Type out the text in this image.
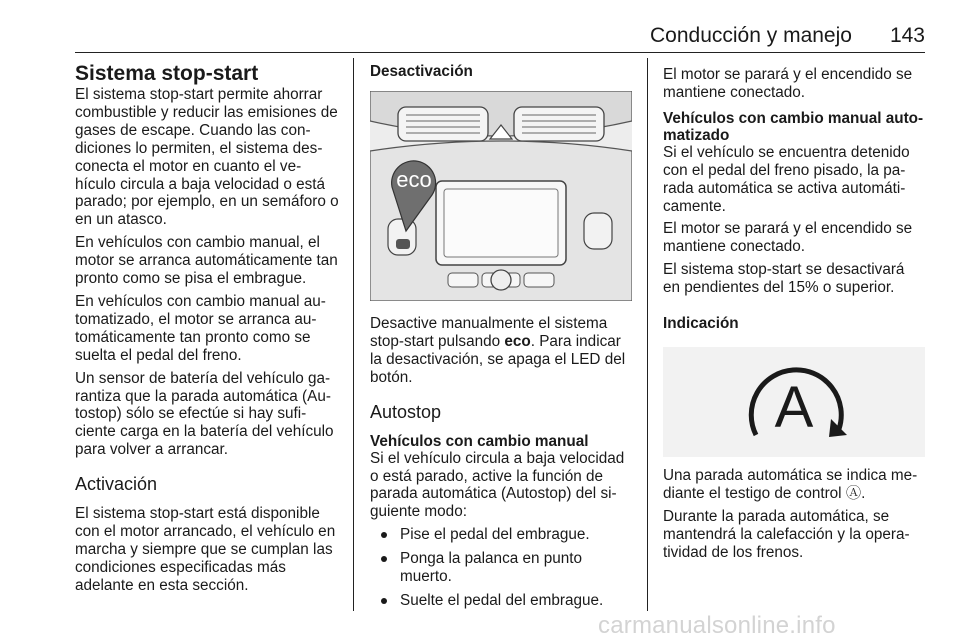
Conducción y manejo 143
Sistema stop-start

El sistema stop-start permite ahorrar combustible y reducir las emisiones de gases de escape. Cuando las con-diciones lo permiten, el sistema des-conecta el motor en cuanto el ve-hículo circula a baja velocidad o está parado; por ejemplo, en un semáforo o en un atasco.

En vehículos con cambio manual, el motor se arranca automáticamente tan pronto como se pisa el embrague.

En vehículos con cambio manual au-tomatizado, el motor se arranca au-tomáticamente tan pronto como se suelta el pedal del freno.

Un sensor de batería del vehículo ga-rantiza que la parada automática (Au-tostop) sólo se efectúe si hay sufi-ciente carga en la batería del vehículo para volver a arrancar.

Activación

El sistema stop-start está disponible con el motor arrancado, el vehículo en marcha y siempre que se cumplan las condiciones especificadas más adelante en esta sección.

Desactivación
eco

Desactive manualmente el sistema stop-start pulsando eco. Para indicar la desactivación, se apaga el LED del botón.

Autostop
Vehículos con cambio manual

Si el vehículo circula a baja velocidad o está parado, active la función de parada automática (Autostop) del si-guiente modo:

Pise el pedal del embrague.
Ponga la palanca en punto muerto.
Suelte el pedal del embrague.

El motor se parará y el encendido se mantiene conectado.

Vehículos con cambio manual auto-matizado

Si el vehículo se encuentra detenido con el pedal del freno pisado, la pa-rada automática se activa automáti-camente.

El motor se parará y el encendido se mantiene conectado.

El sistema stop-start se desactivará en pendientes del 15% o superior.

Indicación
A

Una parada automática se indica me-diante el testigo de control Ⓐ.

Durante la parada automática, se mantendrá la calefacción y la opera-tividad de los frenos.

carmanualsonline.info
